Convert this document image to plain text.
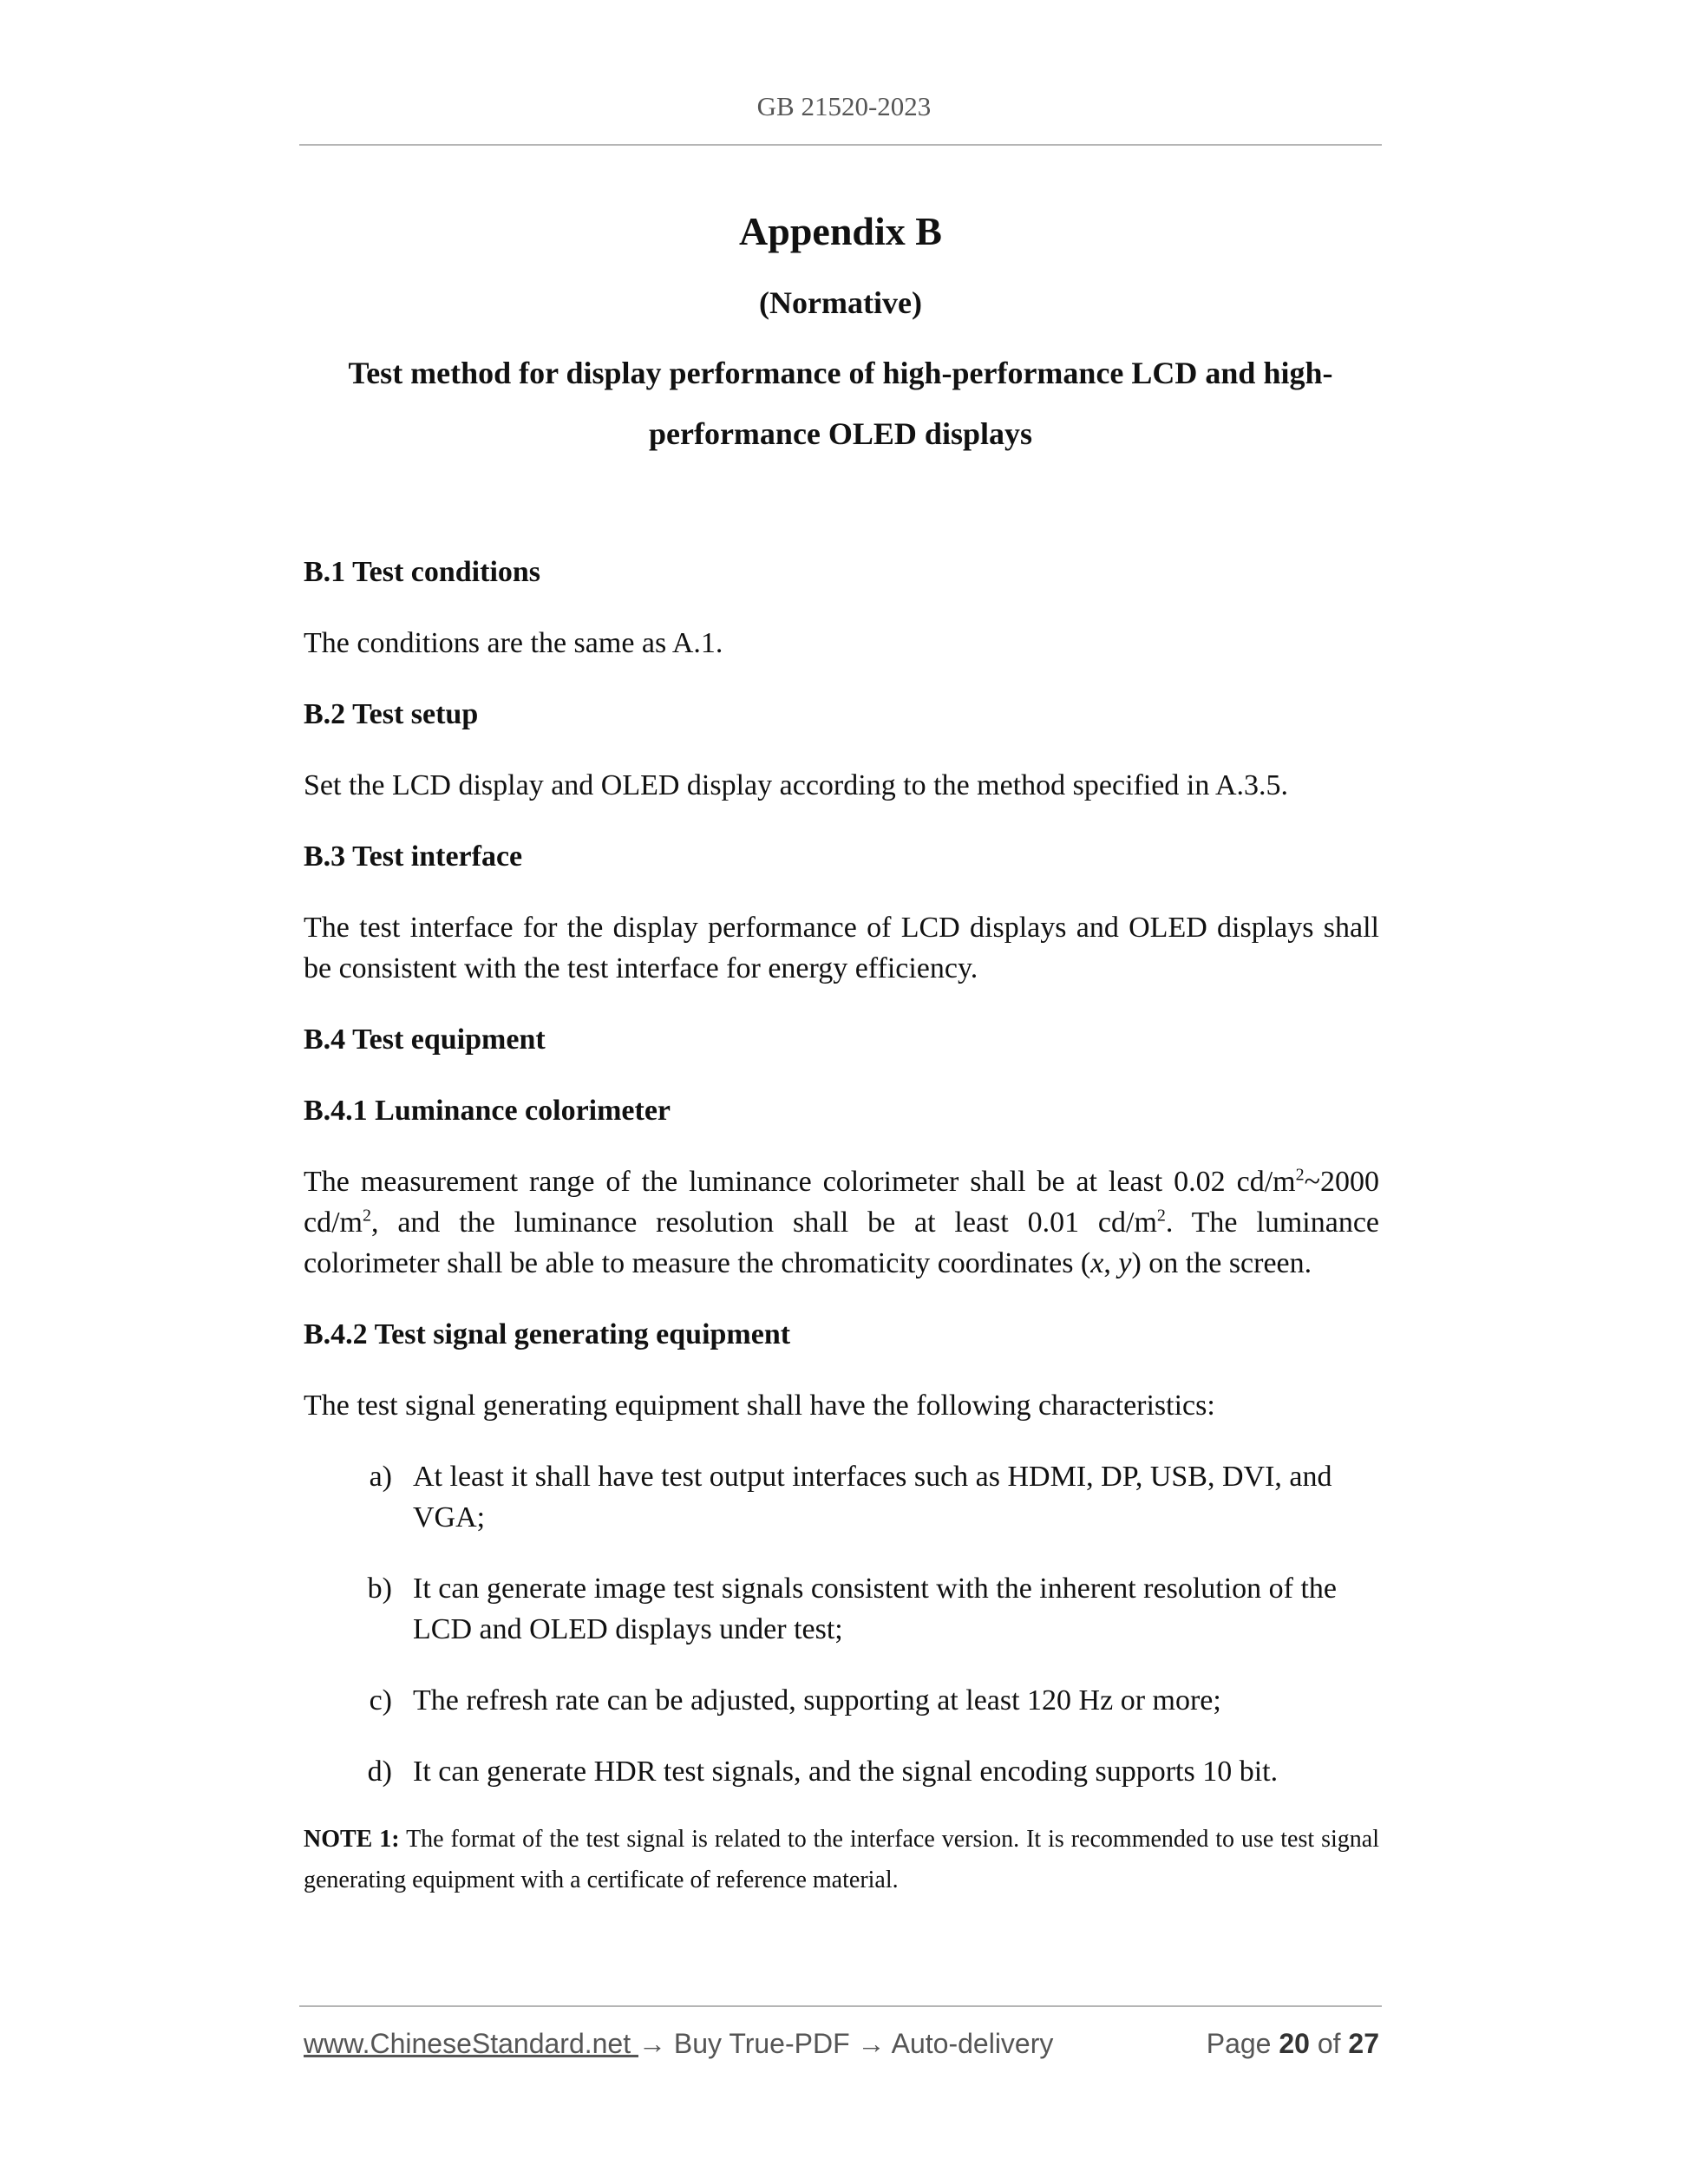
GB 21520-2023
Appendix B
(Normative)
Test method for display performance of high-performance LCD and high-
performance OLED displays
B.1 Test conditions
The conditions are the same as A.1.
B.2 Test setup
Set the LCD display and OLED display according to the method specified in A.3.5.
B.3 Test interface
The test interface for the display performance of LCD displays and OLED displays shall be consistent with the test interface for energy efficiency.
B.4 Test equipment
B.4.1 Luminance colorimeter
The measurement range of the luminance colorimeter shall be at least 0.02 $cd/m^2\sim 2000$ $cd/m^2$, and the luminance resolution shall be at least 0.01 $cd/m^2$. The luminance colorimeter shall be able to measure the chromaticity coordinates (x, y) on the screen.
B.4.2 Test signal generating equipment
The test signal generating equipment shall have the following characteristics:
a) At least it shall have test output interfaces such as HDMI, DP, USB, DVI, and VGA;
b) It can generate image test signals consistent with the inherent resolution of the LCD and OLED displays under test;
c) The refresh rate can be adjusted, supporting at least 120 Hz or more;
d) It can generate HDR test signals, and the signal encoding supports 10 bit.
NOTE 1: The format of the test signal is related to the interface version. It is recommended to use test signal generating equipment with a certificate of reference material.
www.ChineseStandard.net → Buy True-PDF → Auto-delivery	Page 20 of 27
